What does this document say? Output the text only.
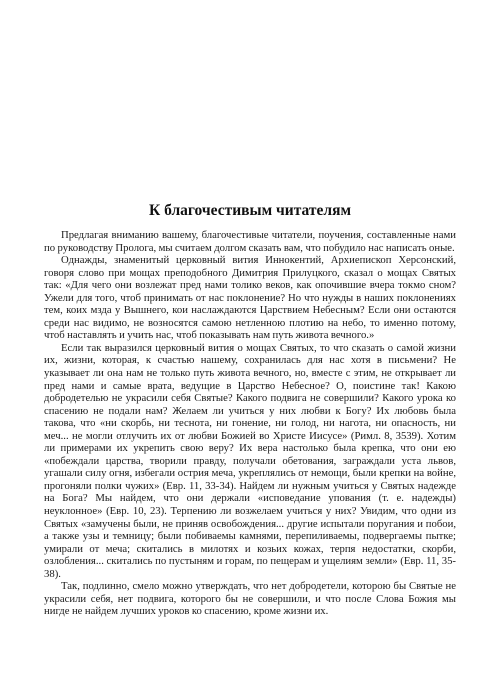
К благочестивым читателям

Предлагая вниманию вашему, благочестивые читатели, поучения, составленные нами по руководству Пролога, мы считаем долгом сказать вам, что побудило нас написать оные.

Однажды, знаменитый церковный вития Иннокентий, Архиепископ Херсонский, говоря слово при мощах преподобного Димитрия Прилуцкого, сказал о мощах Святых так: «Для чего они возлежат пред нами толико веков, как опочившие вчера токмо сном? Ужели для того, чтоб принимать от нас поклонение? Но что нужды в наших поклонениях тем, коих мзда у Вышнего, кои наслаждаются Царствием Небесным? Если они остаются среди нас видимо, не возносятся самою нетленною плотию на небо, то именно потому, чтоб наставлять и учить нас, чтоб показывать нам путь живота вечного.»

Если так выразился церковный вития о мощах Святых, то что сказать о самой жизни их, жизни, которая, к счастью нашему, сохранилась для нас хотя в письмени? Не указывает ли она нам не только путь живота вечного, но, вместе с этим, не открывает ли пред нами и самые врата, ведущие в Царство Небесное? О, поистине так! Какою добродетелью не украсили себя Святые? Какого подвига не совершили? Какого урока ко спасению не подали нам? Желаем ли учиться у них любви к Богу? Их любовь была такова, что «ни скорбь, ни теснота, ни гонение, ни голод, ни нагота, ни опасность, ни меч... не могли отлучить их от любви Божией во Христе Иисусе» (Римл. 8, 3539). Хотим ли примерами их укрепить свою веру? Их вера настолько была крепка, что они ею «побеждали царства, творили правду, получали обетования, заграждали уста львов, угашали силу огня, избегали острия меча, укреплялись от немощи, были крепки на войне, прогоняли полки чужих» (Евр. 11, 33-34). Найдем ли нужным учиться у Святых надежде на Бога? Мы найдем, что они держали «исповедание упования (т. е. надежды) неуклонное» (Евр. 10, 23). Терпению ли возжелаем учиться у них? Увидим, что одни из Святых «замучены были, не приняв освобождения... другие испытали поругания и побои, а также узы и темницу; были побиваемы камнями, перепиливаемы, подвергаемы пытке; умирали от меча; скитались в милотях и козьих кожах, терпя недостатки, скорби, озлобления... скитались по пустыням и горам, по пещерам и ущелиям земли» (Евр. 11, 35-38).

Так, подлинно, смело можно утверждать, что нет добродетели, которою бы Святые не украсили себя, нет подвига, которого бы не совершили, и что после Слова Божия мы нигде не найдем лучших уроков ко спасению, кроме жизни их.
